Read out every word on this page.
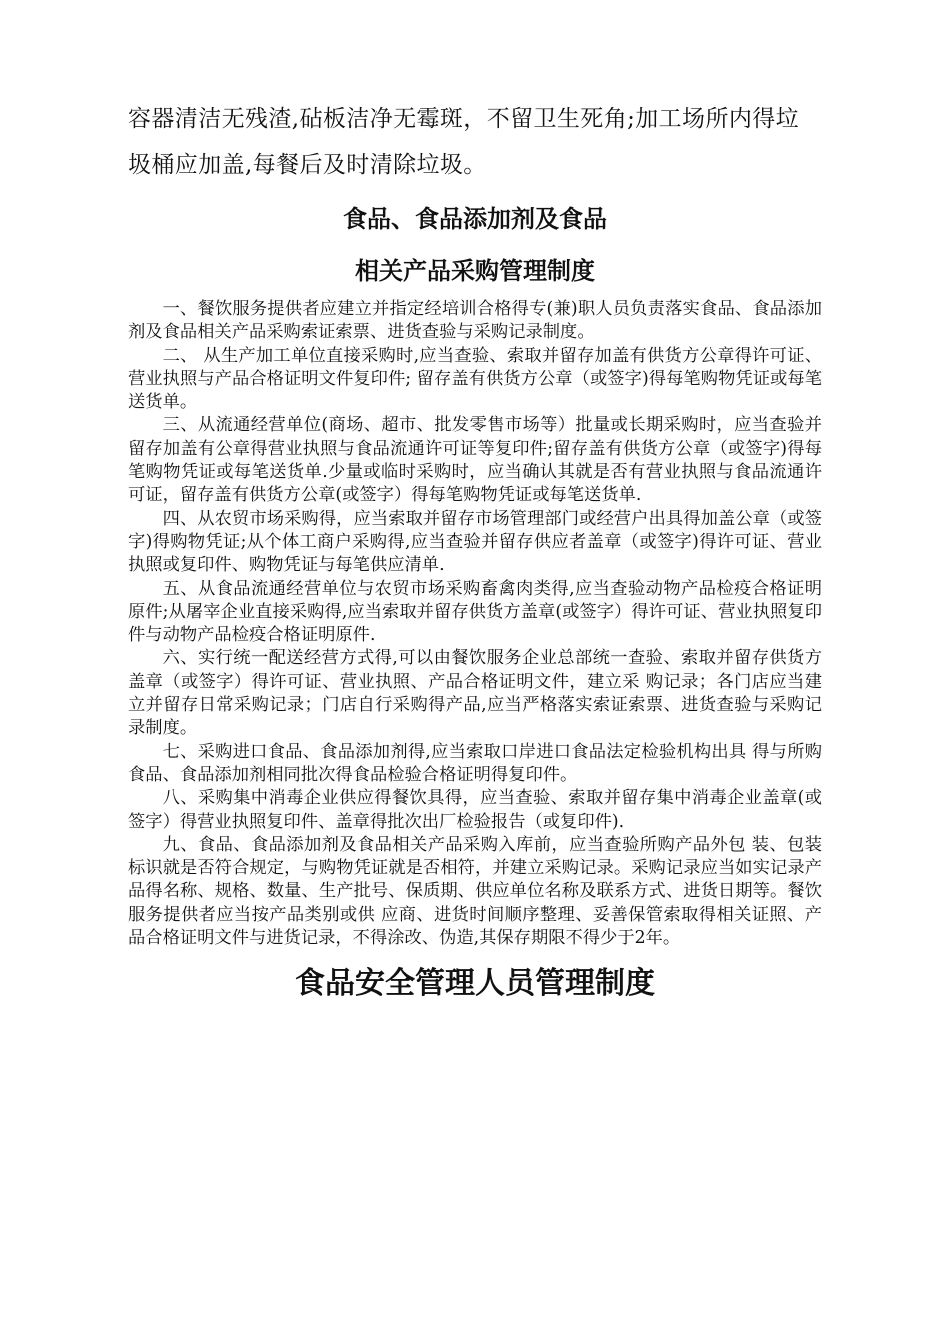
容器清洁无残渣,砧板洁净无霉斑，不留卫生死角;加工场所内得垃圾桶应加盖,每餐后及时清除垃圾。

食品、食品添加剂及食品
相关产品采购管理制度

一、餐饮服务提供者应建立并指定经培训合格得专(兼)职人员负责落实食品、食品添加剂及食品相关产品采购索证索票、进货查验与采购记录制度。

二、 从生产加工单位直接采购时,应当查验、索取并留存加盖有供货方公章得许可证、营业执照与产品合格证明文件复印件; 留存盖有供货方公章（或签字)得每笔购物凭证或每笔送货单。

三、从流通经营单位(商场、超市、批发零售市场等）批量或长期采购时，应当查验并留存加盖有公章得营业执照与食品流通许可证等复印件;留存盖有供货方公章（或签字)得每笔购物凭证或每笔送货单.少量或临时采购时，应当确认其就是否有营业执照与食品流通许可证，留存盖有供货方公章(或签字）得每笔购物凭证或每笔送货单.

四、从农贸市场采购得，应当索取并留存市场管理部门或经营户出具得加盖公章（或签字)得购物凭证;从个体工商户采购得,应当查验并留存供应者盖章（或签字)得许可证、营业执照或复印件、购物凭证与每笔供应清单.

五、从食品流通经营单位与农贸市场采购畜禽肉类得,应当查验动物产品检疫合格证明原件;从屠宰企业直接采购得,应当索取并留存供货方盖章(或签字）得许可证、营业执照复印件与动物产品检疫合格证明原件.

六、实行统一配送经营方式得,可以由餐饮服务企业总部统一查验、索取并留存供货方盖章（或签字）得许可证、营业执照、产品合格证明文件，建立采 购记录；各门店应当建立并留存日常采购记录；门店自行采购得产品,应当严格落实索证索票、进货查验与采购记录制度。

七、采购进口食品、食品添加剂得,应当索取口岸进口食品法定检验机构出具 得与所购食品、食品添加剂相同批次得食品检验合格证明得复印件。

八、采购集中消毒企业供应得餐饮具得，应当查验、索取并留存集中消毒企业盖章(或签字）得营业执照复印件、盖章得批次出厂检验报告（或复印件).

九、食品、食品添加剂及食品相关产品采购入库前，应当查验所购产品外包 装、包装标识就是否符合规定，与购物凭证就是否相符，并建立采购记录。采购记录应当如实记录产品得名称、规格、数量、生产批号、保质期、供应单位名称及联系方式、进货日期等。餐饮服务提供者应当按产品类别或供 应商、进货时间顺序整理、妥善保管索取得相关证照、产品合格证明文件与进货记录，不得涂改、伪造,其保存期限不得少于2年。

食品安全管理人员管理制度
